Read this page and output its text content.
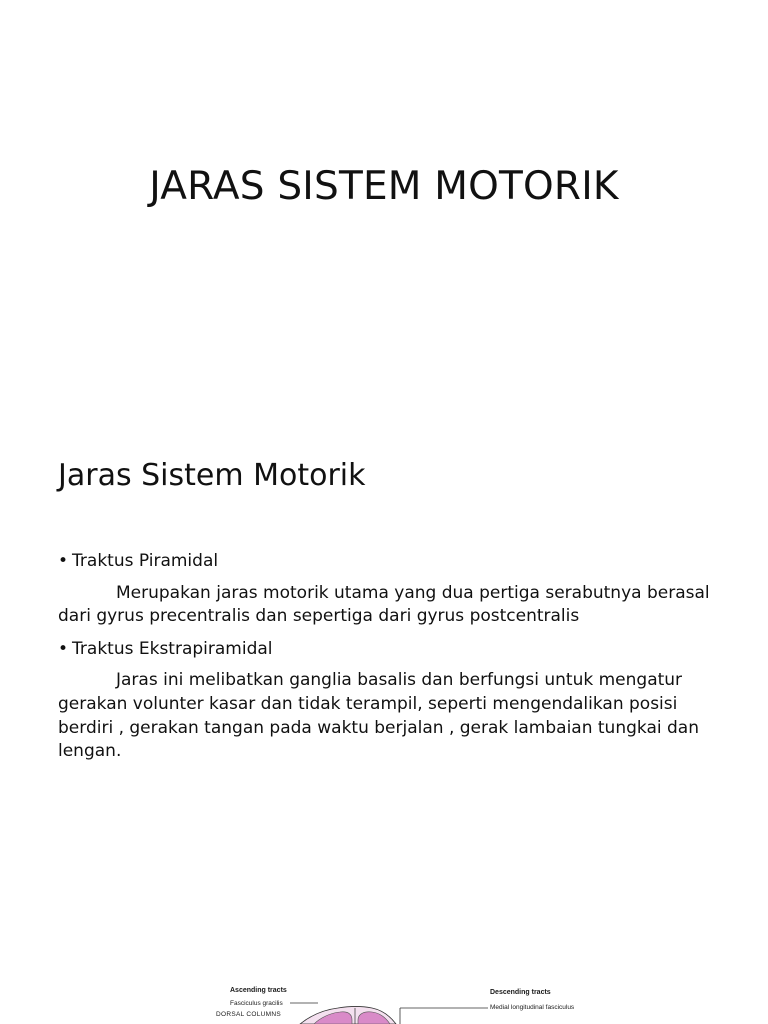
JARAS SISTEM MOTORIK
Jaras Sistem Motorik

• Traktus Piramidal

Merupakan jaras motorik utama yang dua pertiga serabutnya berasal dari gyrus precentralis dan sepertiga dari gyrus postcentralis

• Traktus Ekstrapiramidal

Jaras ini melibatkan ganglia basalis dan berfungsi untuk mengatur gerakan volunter kasar dan tidak terampil, seperti mengendalikan posisi berdiri , gerakan tangan pada waktu berjalan , gerak lambaian tungkai dan lengan.

Ascending tracts
Fasciculus gracilis
DORSAL COLUMNS
Descending tracts
Medial longitudinal fasciculus
